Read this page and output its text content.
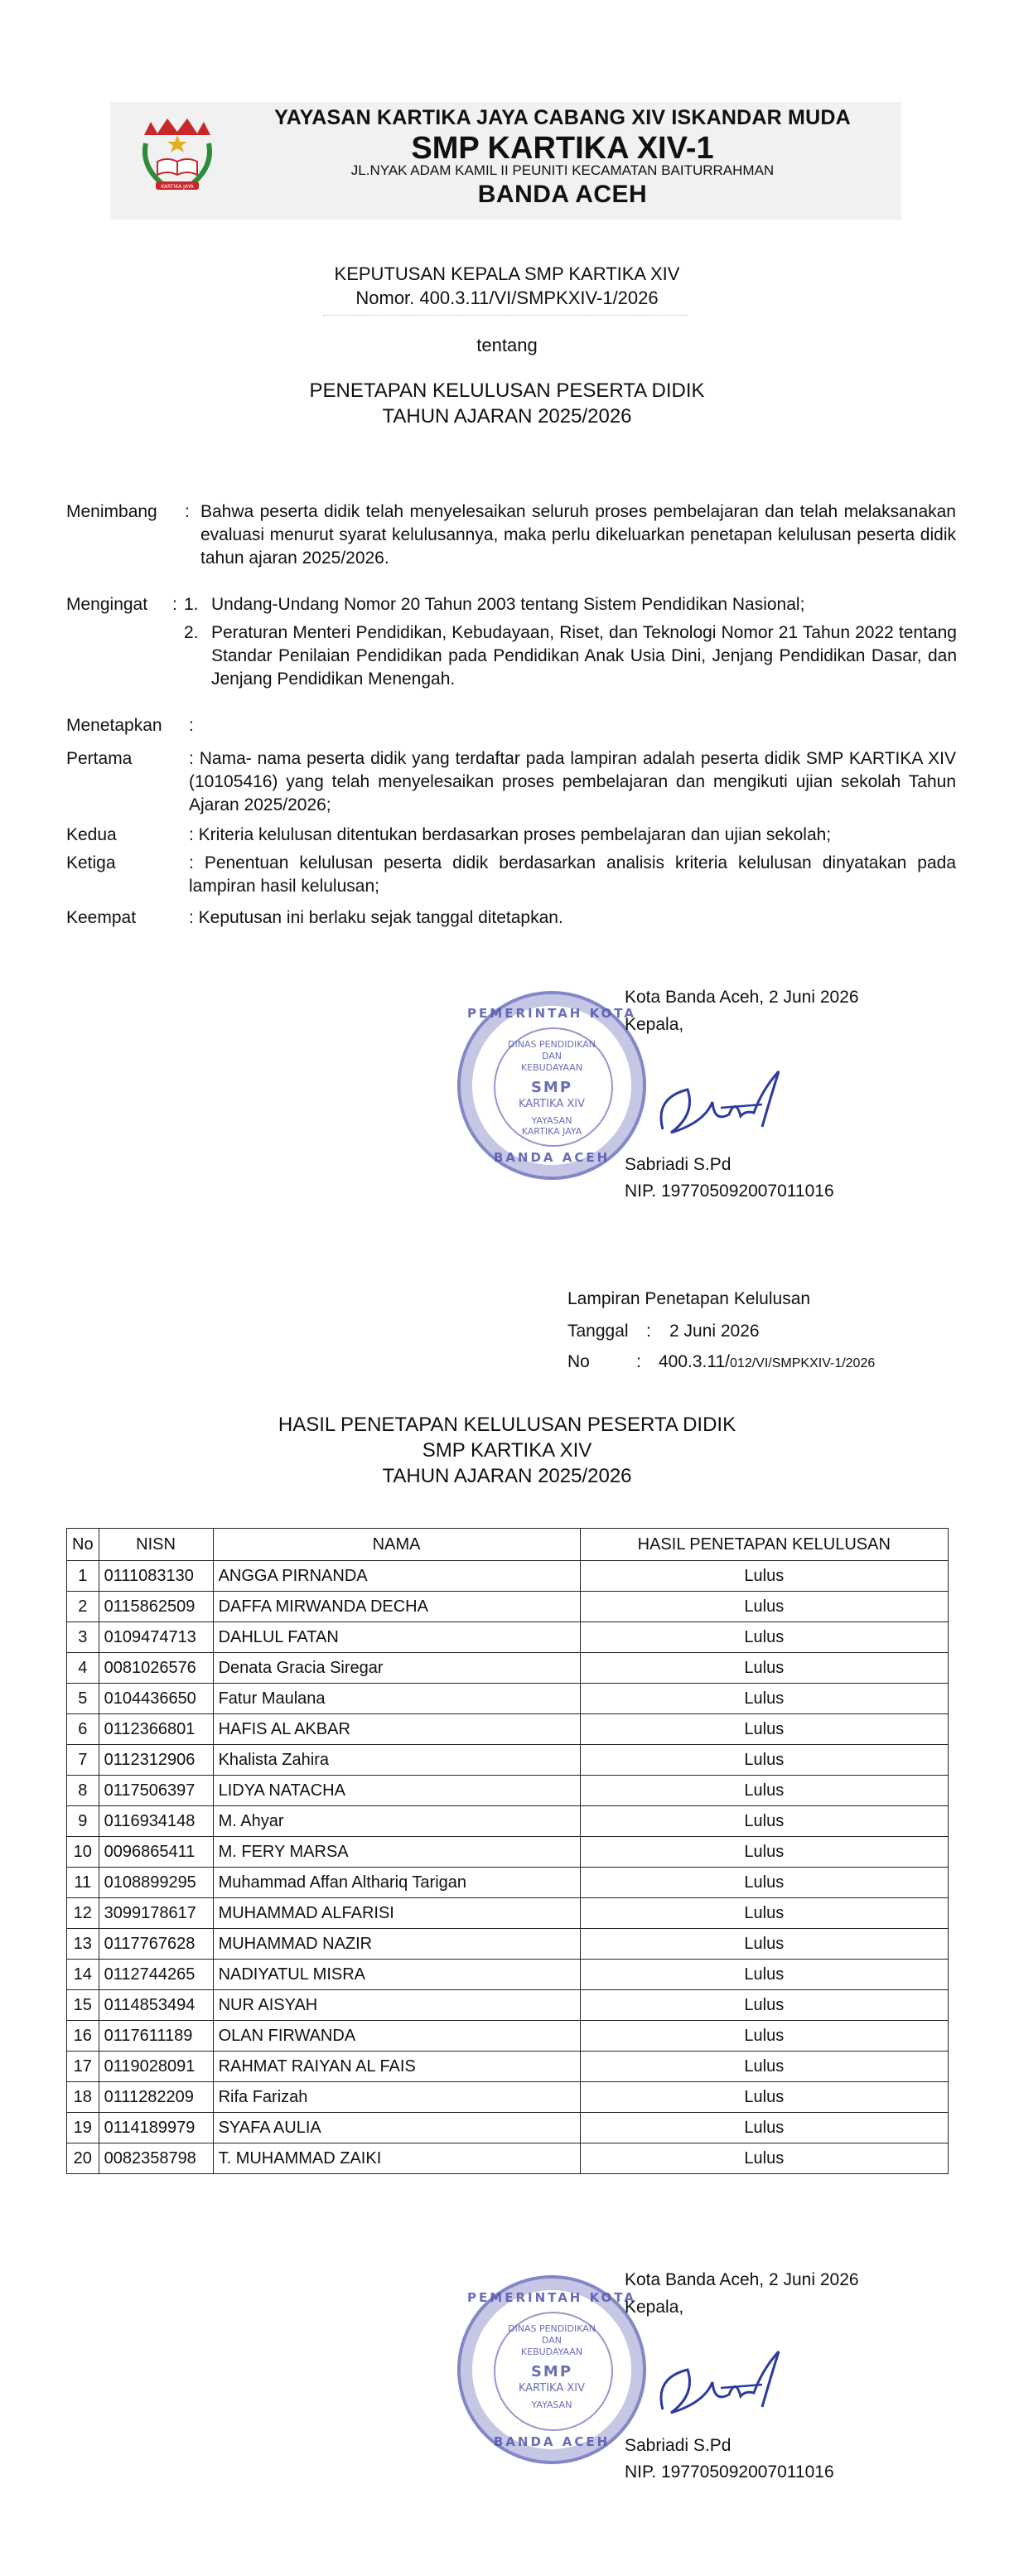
KARTIKA JAYA
YAYASAN KARTIKA JAYA CABANG XIV ISKANDAR MUDA
SMP KARTIKA XIV-1
JL.NYAK ADAM KAMIL II PEUNITI KECAMATAN BAITURRAHMAN
BANDA ACEH
KEPUTUSAN KEPALA SMP KARTIKA XIV
Nomor. 400.3.11/VI/SMPKXIV-1/2026
tentang
PENETAPAN KELULUSAN PESERTA DIDIK
TAHUN AJARAN 2025/2026
Menimbang : Bahwa peserta didik telah menyelesaikan seluruh proses pembelajaran dan telah melaksanakan evaluasi menurut syarat kelulusannya, maka perlu dikeluarkan penetapan kelulusan peserta didik tahun ajaran 2025/2026.
Mengingat : 1. Undang-Undang Nomor 20 Tahun 2003 tentang Sistem Pendidikan Nasional;
2. Peraturan Menteri Pendidikan, Kebudayaan, Riset, dan Teknologi Nomor 21 Tahun 2022 tentang Standar Penilaian Pendidikan pada Pendidikan Anak Usia Dini, Jenjang Pendidikan Dasar, dan Jenjang Pendidikan Menengah.
Menetapkan :
Pertama	: Nama- nama peserta didik yang terdaftar pada lampiran adalah peserta didik SMP KARTIKA XIV (10105416) yang telah menyelesaikan proses pembelajaran dan mengikuti ujian sekolah Tahun Ajaran 2025/2026;
Kedua	: Kriteria kelulusan ditentukan berdasarkan proses pembelajaran dan ujian sekolah;
Ketiga	: Penentuan kelulusan peserta didik berdasarkan analisis kriteria kelulusan dinyatakan pada lampiran hasil kelulusan;
Keempat	: Keputusan ini berlaku sejak tanggal ditetapkan.
PEMERINTAH KOTA
DINAS PENDIDIKAN
DAN
KEBUDAYAAN
SMP
KARTIKA XIV
YAYASAN
KARTIKA JAYA
BANDA ACEH
Kota Banda Aceh, 2 Juni 2026
Kepala,
Sabriadi S.Pd
NIP. 197705092007011016
Lampiran Penetapan Kelulusan
Tanggal : 2 Juni 2026
No	: 400.3.11/012/VI/SMPKXIV-1/2026
HASIL PENETAPAN KELULUSAN PESERTA DIDIK
SMP KARTIKA XIV
TAHUN AJARAN 2025/2026
No	NISN	NAMA	HASIL PENETAPAN KELULUSAN
1	0111083130	ANGGA PIRNANDA	Lulus
2	0115862509	DAFFA MIRWANDA DECHA	Lulus
3	0109474713	DAHLUL FATAN	Lulus
4	0081026576	Denata Gracia Siregar	Lulus
5	0104436650	Fatur Maulana	Lulus
6	0112366801	HAFIS AL AKBAR	Lulus
7	0112312906	Khalista Zahira	Lulus
8	0117506397	LIDYA NATACHA	Lulus
9	0116934148	M. Ahyar	Lulus
10	0096865411	M. FERY MARSA	Lulus
11	0108899295	Muhammad Affan Althariq Tarigan	Lulus
12	3099178617	MUHAMMAD ALFARISI	Lulus
13	0117767628	MUHAMMAD NAZIR	Lulus
14	0112744265	NADIYATUL MISRA	Lulus
15	0114853494	NUR AISYAH	Lulus
16	0117611189	OLAN FIRWANDA	Lulus
17	0119028091	RAHMAT RAIYAN AL FAIS	Lulus
18	0111282209	Rifa Farizah	Lulus
19	0114189979	SYAFA AULIA	Lulus
20	0082358798	T. MUHAMMAD ZAIKI	Lulus
PEMERINTAH KOTA
DINAS PENDIDIKAN
DAN
KEBUDAYAAN
SMP
KARTIKA XIV
YAYASAN
BANDA ACEH
Kota Banda Aceh, 2 Juni 2026
Kepala,
Sabriadi S.Pd
NIP. 197705092007011016
